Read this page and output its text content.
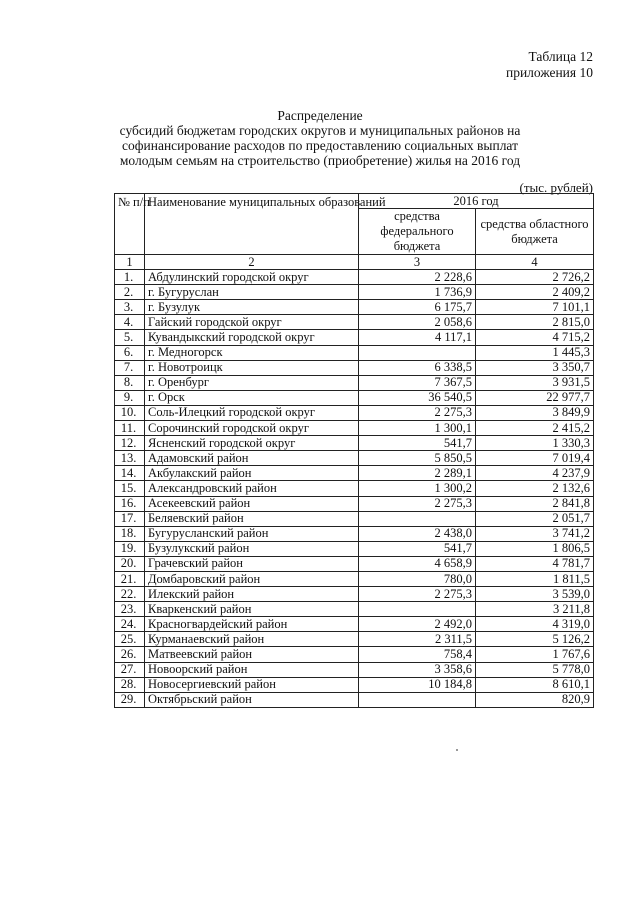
Таблица 12
приложения 10
Распределение
субсидий бюджетам городских округов и муниципальных районов на
софинансирование расходов по предоставлению социальных выплат
молодым семьям на строительство (приобретение) жилья на 2016 год
(тыс. рублей)
№ п/п	Наименование муниципальных образований	2016 год	
		средства федерального бюджета	средства областного бюджета
1	2	3	4
1.	Абдулинский городской округ	2 228,6	2 726,2
2.	г. Бугуруслан	1 736,9	2 409,2
3.	г. Бузулук	6 175,7	7 101,1
4.	Гайский городской округ	2 058,6	2 815,0
5.	Кувандыкский городской округ	4 117,1	4 715,2
6.	г. Медногорск		1 445,3
7.	г. Новотроицк	6 338,5	3 350,7
8.	г. Оренбург	7 367,5	3 931,5
9.	г. Орск	36 540,5	22 977,7
10.	Соль-Илецкий городской округ	2 275,3	3 849,9
11.	Сорочинский городской округ	1 300,1	2 415,2
12.	Ясненский городской округ	541,7	1 330,3
13.	Адамовский район	5 850,5	7 019,4
14.	Акбулакский район	2 289,1	4 237,9
15.	Александровский район	1 300,2	2 132,6
16.	Асекеевский район	2 275,3	2 841,8
17.	Беляевский район		2 051,7
18.	Бугурусланский район	2 438,0	3 741,2
19.	Бузулукский район	541,7	1 806,5
20.	Грачевский район	4 658,9	4 781,7
21.	Домбаровский район	780,0	1 811,5
22.	Илекский район	2 275,3	3 539,0
23.	Кваркенский район		3 211,8
24.	Красногвардейский район	2 492,0	4 319,0
25.	Курманаевский район	2 311,5	5 126,2
26.	Матвеевский район	758,4	1 767,6
27.	Новоорский район	3 358,6	5 778,0
28.	Новосергиевский район	10 184,8	8 610,1
29.	Октябрьский район		820,9
